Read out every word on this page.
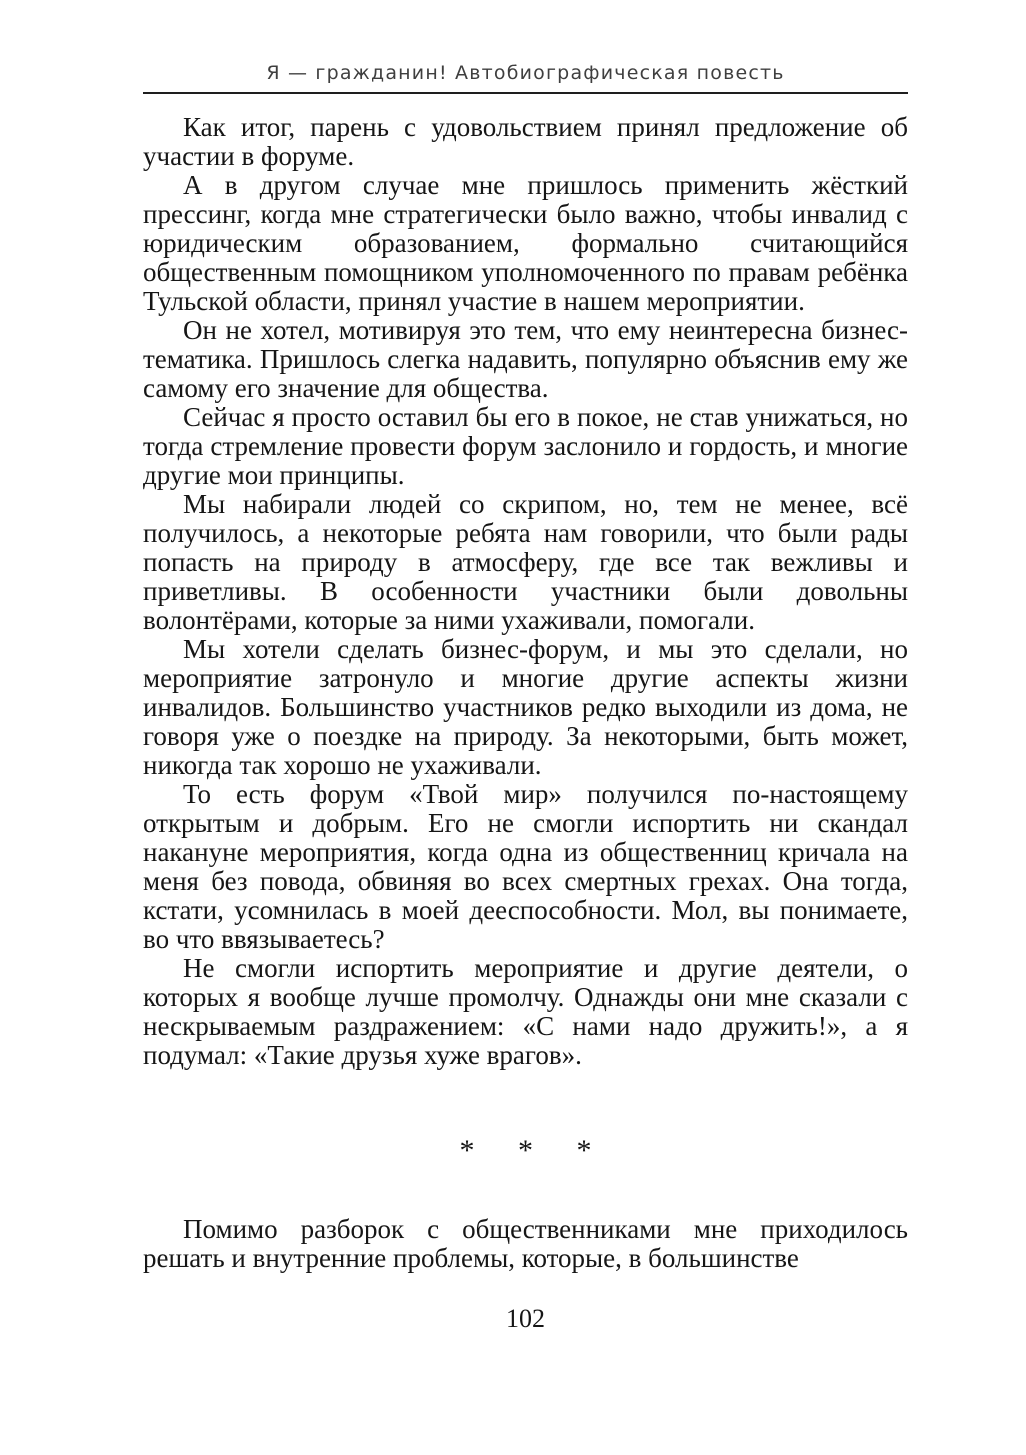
Я — гражданин! Автобиографическая повесть

Как итог, парень с удовольствием принял предложение об участии в форуме.

А в другом случае мне пришлось применить жёсткий прессинг, когда мне стратегически было важно, чтобы инвалид с юридическим образованием, формально считающийся общественным помощником уполномоченного по правам ребёнка Тульской области, принял участие в нашем мероприятии.

Он не хотел, мотивируя это тем, что ему неинтересна бизнес-тематика. Пришлось слегка надавить, популярно объяснив ему же самому его значение для общества.

Сейчас я просто оставил бы его в покое, не став унижаться, но тогда стремление провести форум заслонило и гордость, и многие другие мои принципы.

Мы набирали людей со скрипом, но, тем не менее, всё получилось, а некоторые ребята нам говорили, что были рады попасть на природу в атмосферу, где все так вежливы и приветливы. В особенности участники были довольны волонтёрами, которые за ними ухаживали, помогали.

Мы хотели сделать бизнес-форум, и мы это сделали, но мероприятие затронуло и многие другие аспекты жизни инвалидов. Большинство участников редко выходили из дома, не говоря уже о поездке на природу. За некоторыми, быть может, никогда так хорошо не ухаживали.

То есть форум «Твой мир» получился по-настоящему открытым и добрым. Его не смогли испортить ни скандал накануне мероприятия, когда одна из общественниц кричала на меня без повода, обвиняя во всех смертных грехах. Она тогда, кстати, усомнилась в моей дееспособности. Мол, вы понимаете, во что ввязываетесь?

Не смогли испортить мероприятие и другие деятели, о которых я вообще лучше промолчу. Однажды они мне сказали с нескрываемым раздражением: «С нами надо дружить!», а я подумал: «Такие друзья хуже врагов».

* * *

Помимо разборок с общественниками мне приходилось решать и внутренние проблемы, которые, в большинстве

102
